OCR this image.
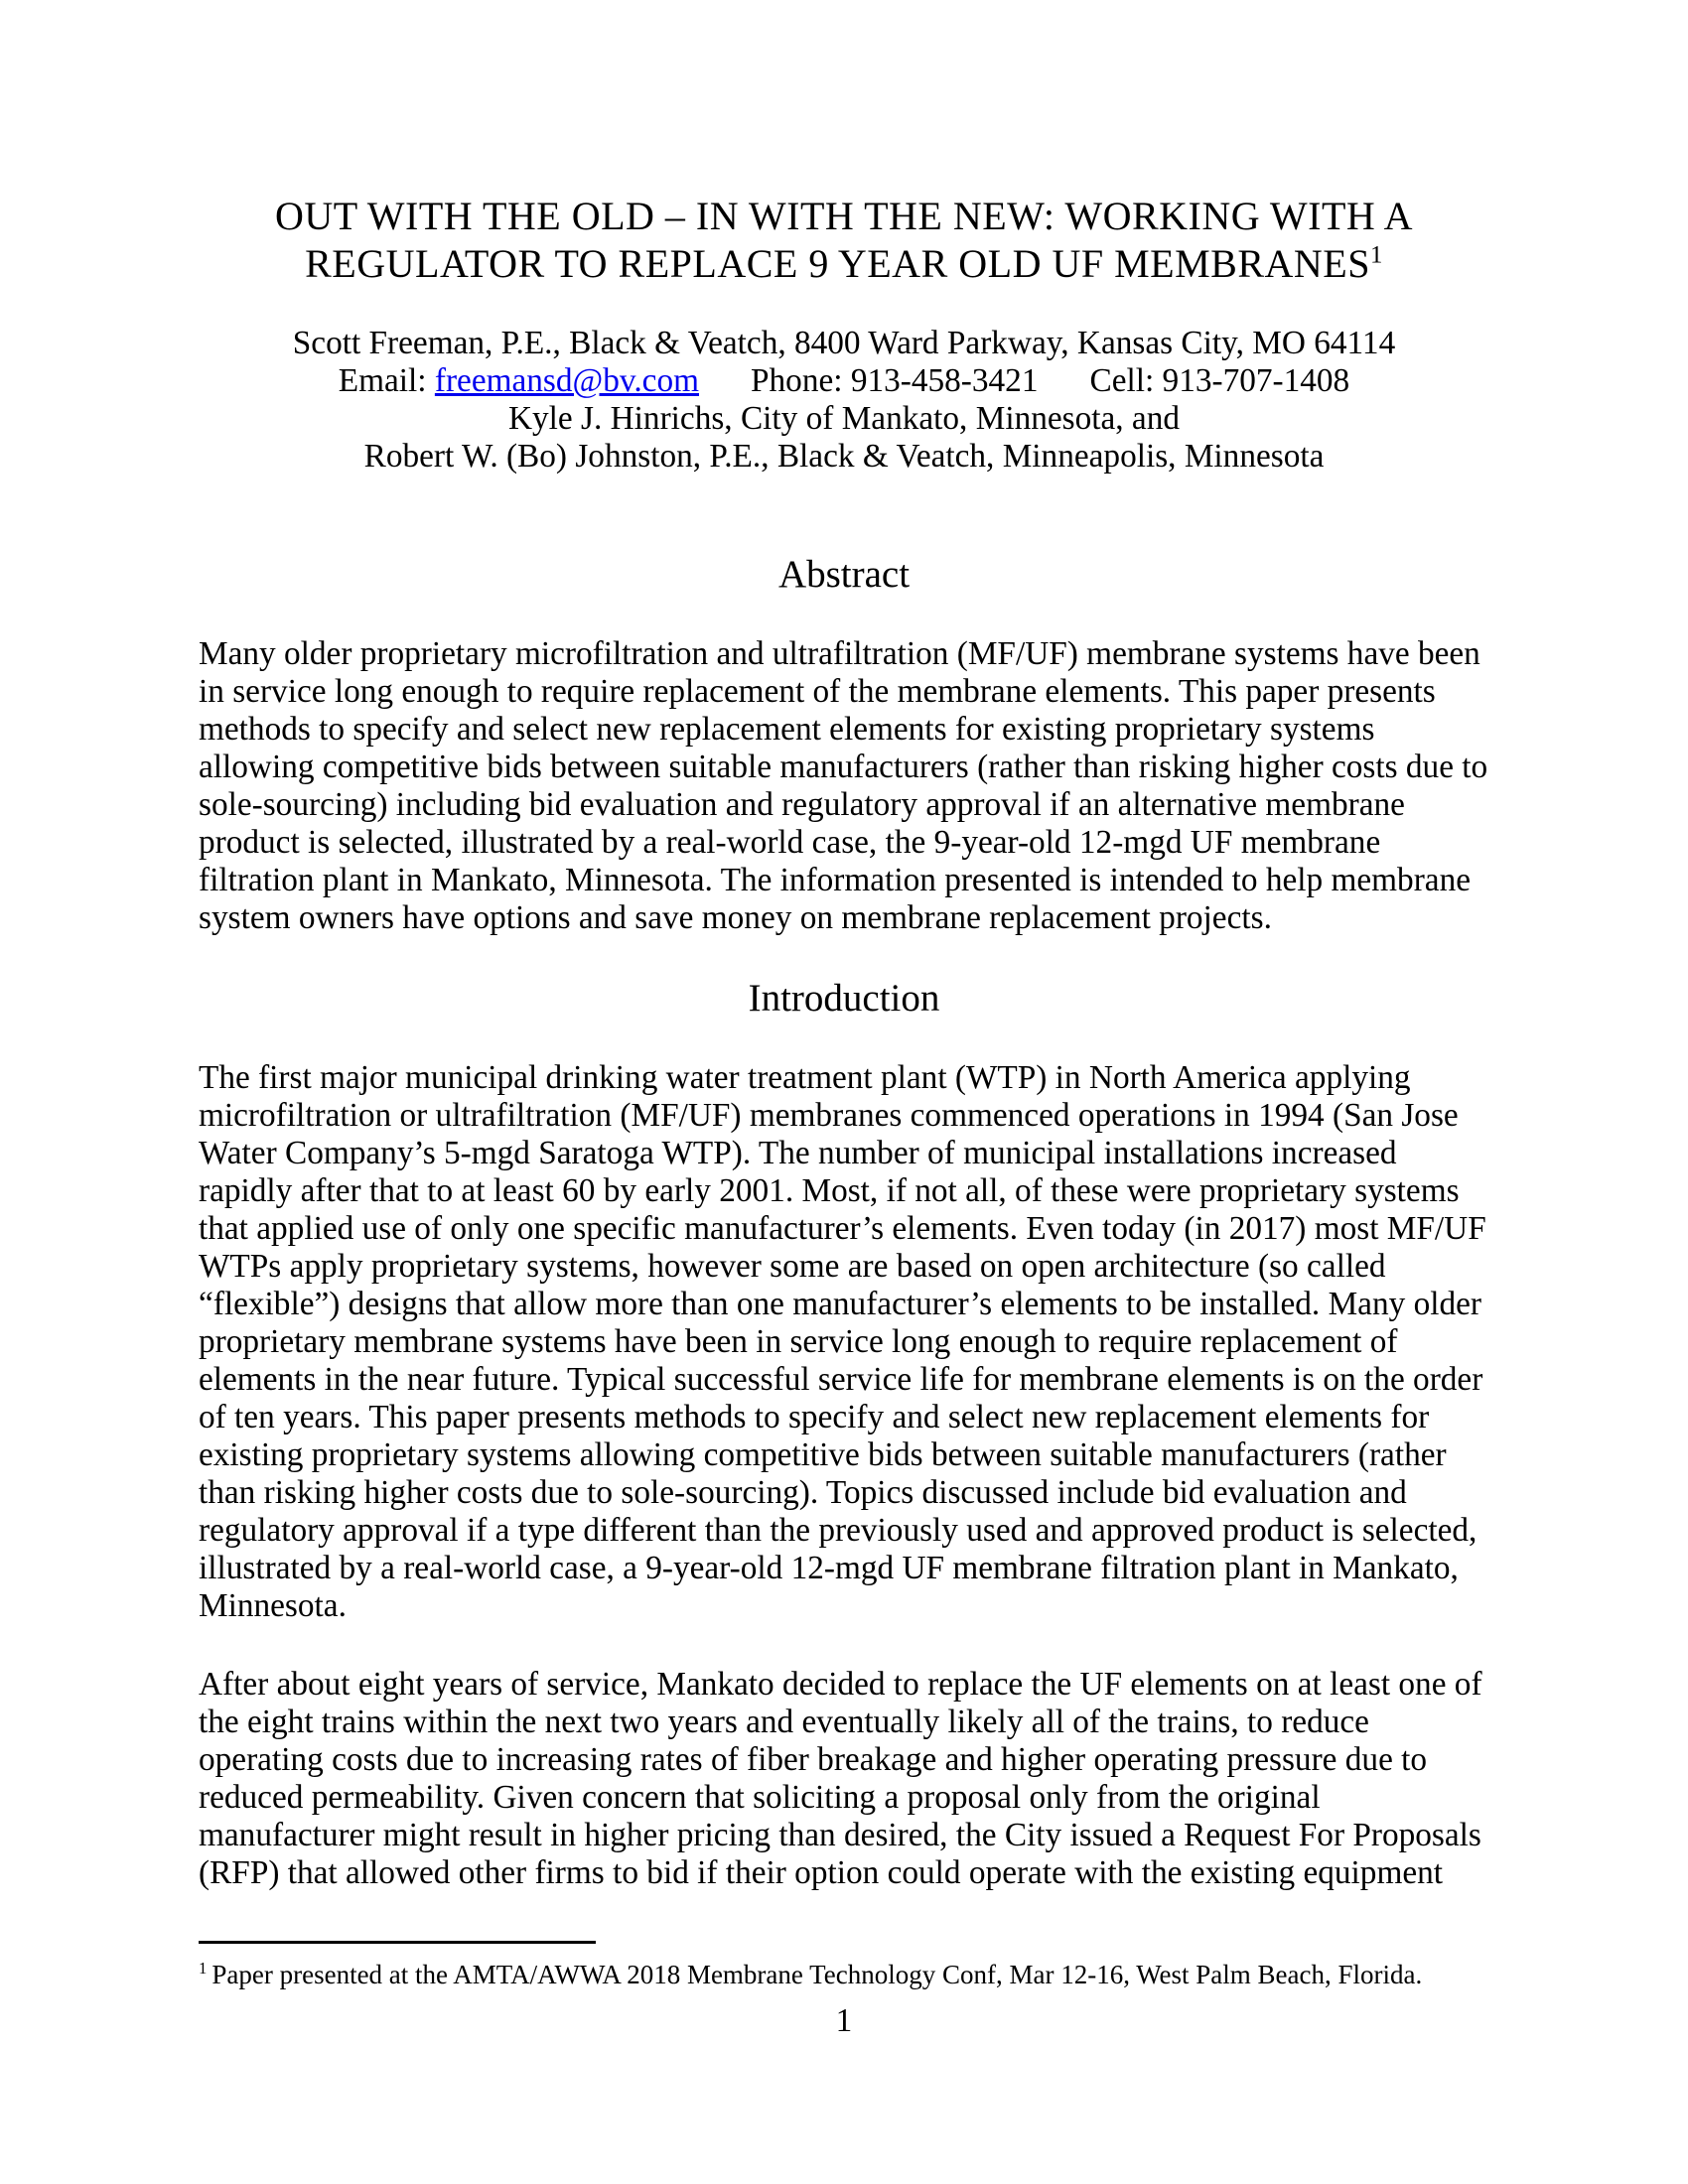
OUT WITH THE OLD – IN WITH THE NEW: WORKING WITH A
REGULATOR TO REPLACE 9 YEAR OLD UF MEMBRANES$^1$
Scott Freeman, P.E., Black & Veatch, 8400 Ward Parkway, Kansas City, MO 64114
Email: freemansd@bv.com Phone: 913-458-3421 Cell: 913-707-1408
Kyle J. Hinrichs, City of Mankato, Minnesota, and
Robert W. (Bo) Johnston, P.E., Black & Veatch, Minneapolis, Minnesota
Abstract

Many older proprietary microfiltration and ultrafiltration (MF/UF) membrane systems have been in service long enough to require replacement of the membrane elements. This paper presents methods to specify and select new replacement elements for existing proprietary systems allowing competitive bids between suitable manufacturers (rather than risking higher costs due to sole-sourcing) including bid evaluation and regulatory approval if an alternative membrane product is selected, illustrated by a real-world case, the 9-year-old 12-mgd UF membrane filtration plant in Mankato, Minnesota. The information presented is intended to help membrane system owners have options and save money on membrane replacement projects.

Introduction

The first major municipal drinking water treatment plant (WTP) in North America applying microfiltration or ultrafiltration (MF/UF) membranes commenced operations in 1994 (San Jose Water Company’s 5-mgd Saratoga WTP). The number of municipal installations increased rapidly after that to at least 60 by early 2001. Most, if not all, of these were proprietary systems that applied use of only one specific manufacturer’s elements. Even today (in 2017) most MF/UF WTPs apply proprietary systems, however some are based on open architecture (so called “flexible”) designs that allow more than one manufacturer’s elements to be installed. Many older proprietary membrane systems have been in service long enough to require replacement of elements in the near future. Typical successful service life for membrane elements is on the order of ten years. This paper presents methods to specify and select new replacement elements for existing proprietary systems allowing competitive bids between suitable manufacturers (rather than risking higher costs due to sole-sourcing). Topics discussed include bid evaluation and regulatory approval if a type different than the previously used and approved product is selected, illustrated by a real-world case, a 9-year-old 12-mgd UF membrane filtration plant in Mankato, Minnesota.

After about eight years of service, Mankato decided to replace the UF elements on at least one of the eight trains within the next two years and eventually likely all of the trains, to reduce operating costs due to increasing rates of fiber breakage and higher operating pressure due to reduced permeability. Given concern that soliciting a proposal only from the original manufacturer might result in higher pricing than desired, the City issued a Request For Proposals (RFP) that allowed other firms to bid if their option could operate with the existing equipment

$^1$ Paper presented at the AMTA/AWWA 2018 Membrane Technology Conf, Mar 12-16, West Palm Beach, Florida.
1
